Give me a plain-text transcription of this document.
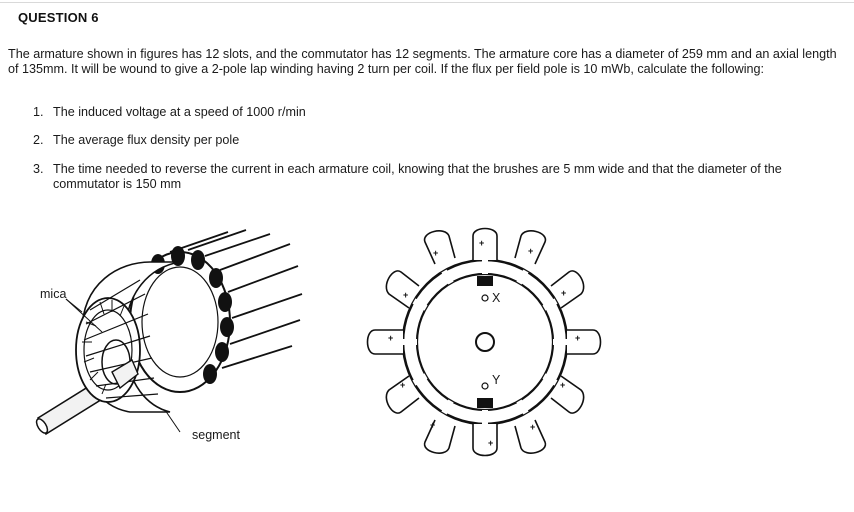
QUESTION 6
The armature shown in figures has 12 slots, and the commutator has 12 segments. The armature core has a diameter of 259 mm and an axial length of 135mm. It will be wound to give a 2-pole lap winding having 2 turn per coil. If the flux per field pole is 10 mWb, calculate the following:
1. The induced voltage at a speed of 1000 r/min
2. The average flux density per pole
3. The time needed to reverse the current in each armature coil, knowing that the brushes are 5 mm wide and that the diameter of the commutator is 150 mm
mica
segment
X
Y
+
+
+
+
+
+
+
+
+
+
+
+
